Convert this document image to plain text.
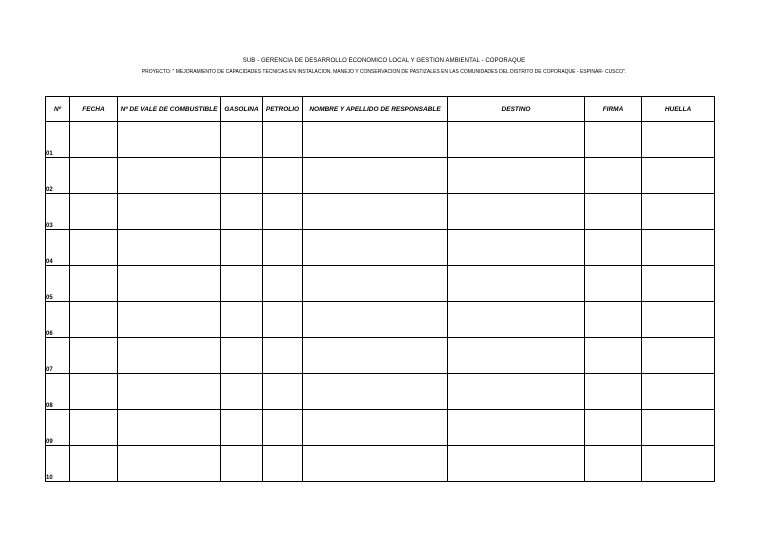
SUB - GERENCIA DE DESARROLLO ECONOMICO LOCAL Y GESTION AMBIENTAL - COPORAQUE
PROYECTO: " MEJORAMIENTO DE CAPACIDADES TECNICAS EN INSTALACION, MANEJO Y CONSERVACION DE PASTIZALES EN LAS COMUNIDADES DEL DISTRITO DE COPORAQUE - ESPINAR- CUSCO".
Nº	FECHA	Nº DE VALE DE COMBUSTIBLE	GASOLINA	PETROLIO	NOMBRE Y APELLIDO DE RESPONSABLE	DESTINO	FIRMA	HUELLA
01								
02								
03								
04								
05								
06								
07								
08								
09								
10								
